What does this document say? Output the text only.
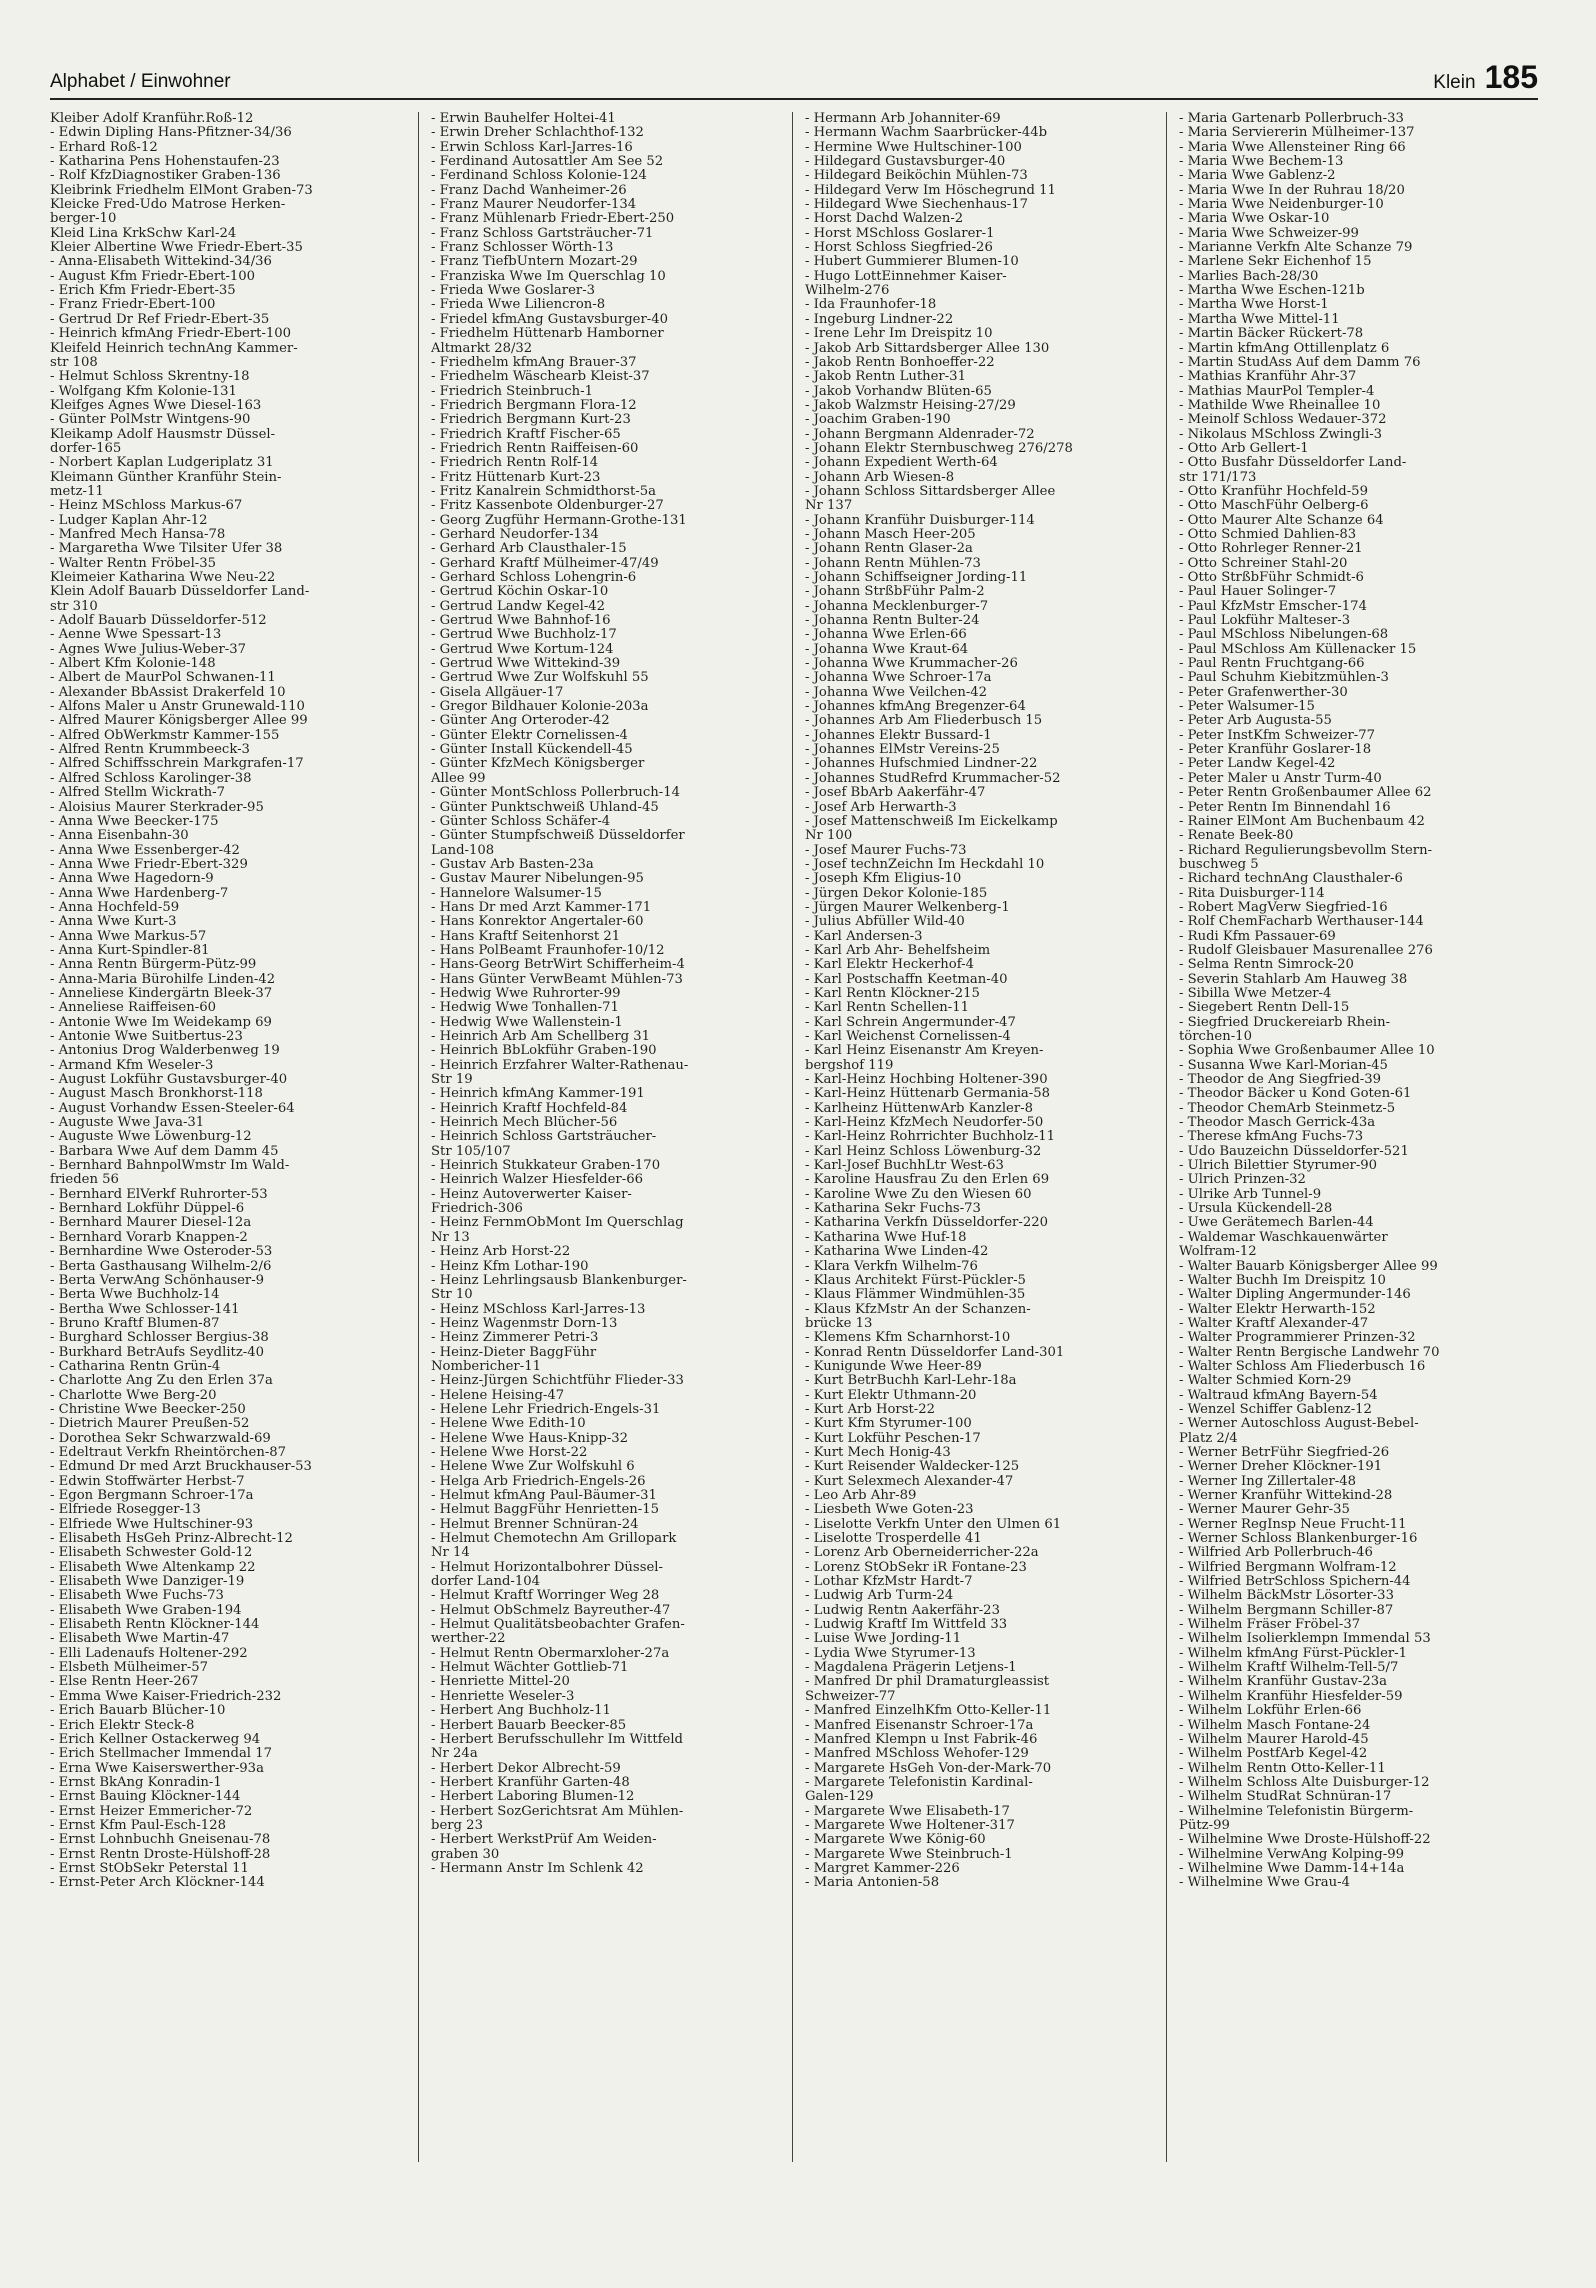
Alphabet / Einwohner	Klein 185
Kleiber Adolf Kranführ.Roß-12
- Edwin Dipling Hans-Pfitzner-34/36
- Erhard Roß-12
- Katharina Pens Hohenstaufen-23
- Rolf KfzDiagnostiker Graben-136
Kleibrink Friedhelm ElMont Graben-73
Kleicke Fred-Udo Matrose Herken-
berger-10
Kleid Lina KrkSchw Karl-24
Kleier Albertine Wwe Friedr-Ebert-35
- Anna-Elisabeth Wittekind-34/36
- August Kfm Friedr-Ebert-100
- Erich Kfm Friedr-Ebert-35
- Franz Friedr-Ebert-100
- Gertrud Dr Ref Friedr-Ebert-35
- Heinrich kfmAng Friedr-Ebert-100
Kleifeld Heinrich technAng Kammer-
str 108
- Helmut Schloss Skrentny-18
- Wolfgang Kfm Kolonie-131
Kleifges Agnes Wwe Diesel-163
- Günter PolMstr Wintgens-90
Kleikamp Adolf Hausmstr Düssel-
dorfer-165
- Norbert Kaplan Ludgeriplatz 31
Kleimann Günther Kranführ Stein-
metz-11
- Heinz MSchloss Markus-67
- Ludger Kaplan Ahr-12
- Manfred Mech Hansa-78
- Margaretha Wwe Tilsiter Ufer 38
- Walter Rentn Fröbel-35
Kleimeier Katharina Wwe Neu-22
Klein Adolf Bauarb Düsseldorfer Land-
str 310
- Adolf Bauarb Düsseldorfer-512
- Aenne Wwe Spessart-13
- Agnes Wwe Julius-Weber-37
- Albert Kfm Kolonie-148
- Albert de MaurPol Schwanen-11
- Alexander BbAssist Drakerfeld 10
- Alfons Maler u Anstr Grunewald-110
- Alfred Maurer Königsberger Allee 99
- Alfred ObWerkmstr Kammer-155
- Alfred Rentn Krummbeeck-3
- Alfred Schiffsschrein Markgrafen-17
- Alfred Schloss Karolinger-38
- Alfred Stellm Wickrath-7
- Aloisius Maurer Sterkrader-95
- Anna Wwe Beecker-175
- Anna Eisenbahn-30
- Anna Wwe Essenberger-42
- Anna Wwe Friedr-Ebert-329
- Anna Wwe Hagedorn-9
- Anna Wwe Hardenberg-7
- Anna Hochfeld-59
- Anna Wwe Kurt-3
- Anna Wwe Markus-57
- Anna Kurt-Spindler-81
- Anna Rentn Bürgerm-Pütz-99
- Anna-Maria Bürohilfe Linden-42
- Anneliese Kindergärtn Bleek-37
- Anneliese Raiffeisen-60
- Antonie Wwe Im Weidekamp 69
- Antonie Wwe Suitbertus-23
- Antonius Drog Walderbenweg 19
- Armand Kfm Weseler-3
- August Lokführ Gustavsburger-40
- August Masch Bronkhorst-118
- August Vorhandw Essen-Steeler-64
- Auguste Wwe Java-31
- Auguste Wwe Löwenburg-12
- Barbara Wwe Auf dem Damm 45
- Bernhard BahnpolWmstr Im Wald-
frieden 56
- Bernhard ElVerkf Ruhrorter-53
- Bernhard Lokführ Düppel-6
- Bernhard Maurer Diesel-12a
- Bernhard Vorarb Knappen-2
- Bernhardine Wwe Osteroder-53
- Berta Gasthausang Wilhelm-2/6
- Berta VerwAng Schönhauser-9
- Berta Wwe Buchholz-14
- Bertha Wwe Schlosser-141
- Bruno Kraftf Blumen-87
- Burghard Schlosser Bergius-38
- Burkhard BetrAufs Seydlitz-40
- Catharina Rentn Grün-4
- Charlotte Ang Zu den Erlen 37a
- Charlotte Wwe Berg-20
- Christine Wwe Beecker-250
- Dietrich Maurer Preußen-52
- Dorothea Sekr Schwarzwald-69
- Edeltraut Verkfn Rheintörchen-87
- Edmund Dr med Arzt Bruckhauser-53
- Edwin Stoffwärter Herbst-7
- Egon Bergmann Schroer-17a
- Elfriede Rosegger-13
- Elfriede Wwe Hultschiner-93
- Elisabeth HsGeh Prinz-Albrecht-12
- Elisabeth Schwester Gold-12
- Elisabeth Wwe Altenkamp 22
- Elisabeth Wwe Danziger-19
- Elisabeth Wwe Fuchs-73
- Elisabeth Wwe Graben-194
- Elisabeth Rentn Klöckner-144
- Elisabeth Wwe Martin-47
- Elli Ladenaufs Holtener-292
- Elsbeth Mülheimer-57
- Else Rentn Heer-267
- Emma Wwe Kaiser-Friedrich-232
- Erich Bauarb Blücher-10
- Erich Elektr Steck-8
- Erich Kellner Ostackerweg 94
- Erich Stellmacher Immendal 17
- Erna Wwe Kaiserswerther-93a
- Ernst BkAng Konradin-1
- Ernst Bauing Klöckner-144
- Ernst Heizer Emmericher-72
- Ernst Kfm Paul-Esch-128
- Ernst Lohnbuchh Gneisenau-78
- Ernst Rentn Droste-Hülshoff-28
- Ernst StObSekr Peterstal 11
- Ernst-Peter Arch Klöckner-144
- Erwin Bauhelfer Holtei-41
- Erwin Dreher Schlachthof-132
- Erwin Schloss Karl-Jarres-16
- Ferdinand Autosattler Am See 52
- Ferdinand Schloss Kolonie-124
- Franz Dachd Wanheimer-26
- Franz Maurer Neudorfer-134
- Franz Mühlenarb Friedr-Ebert-250
- Franz Schloss Gartsträucher-71
- Franz Schlosser Wörth-13
- Franz TiefbUntern Mozart-29
- Franziska Wwe Im Querschlag 10
- Frieda Wwe Goslarer-3
- Frieda Wwe Liliencron-8
- Friedel kfmAng Gustavsburger-40
- Friedhelm Hüttenarb Hamborner
Altmarkt 28/32
- Friedhelm kfmAng Brauer-37
- Friedhelm Wäschearb Kleist-37
- Friedrich Steinbruch-1
- Friedrich Bergmann Flora-12
- Friedrich Bergmann Kurt-23
- Friedrich Kraftf Fischer-65
- Friedrich Rentn Raiffeisen-60
- Friedrich Rentn Rolf-14
- Fritz Hüttenarb Kurt-23
- Fritz Kanalrein Schmidthorst-5a
- Fritz Kassenbote Oldenburger-27
- Georg Zugführ Hermann-Grothe-131
- Gerhard Neudorfer-134
- Gerhard Arb Clausthaler-15
- Gerhard Kraftf Mülheimer-47/49
- Gerhard Schloss Lohengrin-6
- Gertrud Köchin Oskar-10
- Gertrud Landw Kegel-42
- Gertrud Wwe Bahnhof-16
- Gertrud Wwe Buchholz-17
- Gertrud Wwe Kortum-124
- Gertrud Wwe Wittekind-39
- Gertrud Wwe Zur Wolfskuhl 55
- Gisela Allgäuer-17
- Gregor Bildhauer Kolonie-203a
- Günter Ang Orteroder-42
- Günter Elektr Cornelissen-4
- Günter Install Kückendell-45
- Günter KfzMech Königsberger
Allee 99
- Günter MontSchloss Pollerbruch-14
- Günter Punktschweiß Uhland-45
- Günter Schloss Schäfer-4
- Günter Stumpfschweiß Düsseldorfer
Land-108
- Gustav Arb Basten-23a
- Gustav Maurer Nibelungen-95
- Hannelore Walsumer-15
- Hans Dr med Arzt Kammer-171
- Hans Konrektor Angertaler-60
- Hans Kraftf Seitenhorst 21
- Hans PolBeamt Fraunhofer-10/12
- Hans-Georg BetrWirt Schifferheim-4
- Hans Günter VerwBeamt Mühlen-73
- Hedwig Wwe Ruhrorter-99
- Hedwig Wwe Tonhallen-71
- Hedwig Wwe Wallenstein-1
- Heinrich Arb Am Schellberg 31
- Heinrich BbLokführ Graben-190
- Heinrich Erzfahrer Walter-Rathenau-
Str 19
- Heinrich kfmAng Kammer-191
- Heinrich Kraftf Hochfeld-84
- Heinrich Mech Blücher-56
- Heinrich Schloss Gartsträucher-
Str 105/107
- Heinrich Stukkateur Graben-170
- Heinrich Walzer Hiesfelder-66
- Heinz Autoverwerter Kaiser-
Friedrich-306
- Heinz FernmObMont Im Querschlag
Nr 13
- Heinz Arb Horst-22
- Heinz Kfm Lothar-190
- Heinz Lehrlingsausb Blankenburger-
Str 10
- Heinz MSchloss Karl-Jarres-13
- Heinz Wagenmstr Dorn-13
- Heinz Zimmerer Petri-3
- Heinz-Dieter BaggFühr
Nombericher-11
- Heinz-Jürgen Schichtführ Flieder-33
- Helene Heising-47
- Helene Lehr Friedrich-Engels-31
- Helene Wwe Edith-10
- Helene Wwe Haus-Knipp-32
- Helene Wwe Horst-22
- Helene Wwe Zur Wolfskuhl 6
- Helga Arb Friedrich-Engels-26
- Helmut kfmAng Paul-Bäumer-31
- Helmut BaggFühr Henrietten-15
- Helmut Brenner Schnüran-24
- Helmut Chemotechn Am Grillopark
Nr 14
- Helmut Horizontalbohrer Düssel-
dorfer Land-104
- Helmut Kraftf Worringer Weg 28
- Helmut ObSchmelz Bayreuther-47
- Helmut Qualitätsbeobachter Grafen-
werther-22
- Helmut Rentn Obermarxloher-27a
- Helmut Wächter Gottlieb-71
- Henriette Mittel-20
- Henriette Weseler-3
- Herbert Ang Buchholz-11
- Herbert Bauarb Beecker-85
- Herbert Berufsschullehr Im Wittfeld
Nr 24a
- Herbert Dekor Albrecht-59
- Herbert Kranführ Garten-48
- Herbert Laboring Blumen-12
- Herbert SozGerichtsrat Am Mühlen-
berg 23
- Herbert WerkstPrüf Am Weiden-
graben 30
- Hermann Anstr Im Schlenk 42
- Hermann Arb Johanniter-69
- Hermann Wachm Saarbrücker-44b
- Hermine Wwe Hultschiner-100
- Hildegard Gustavsburger-40
- Hildegard Beiköchin Mühlen-73
- Hildegard Verw Im Höschegrund 11
- Hildegard Wwe Siechenhaus-17
- Horst Dachd Walzen-2
- Horst MSchloss Goslarer-1
- Horst Schloss Siegfried-26
- Hubert Gummierer Blumen-10
- Hugo LottEinnehmer Kaiser-
Wilhelm-276
- Ida Fraunhofer-18
- Ingeburg Lindner-22
- Irene Lehr Im Dreispitz 10
- Jakob Arb Sittardsberger Allee 130
- Jakob Rentn Bonhoeffer-22
- Jakob Rentn Luther-31
- Jakob Vorhandw Blüten-65
- Jakob Walzmstr Heising-27/29
- Joachim Graben-190
- Johann Bergmann Aldenrader-72
- Johann Elektr Sternbuschweg 276/278
- Johann Expedient Werth-64
- Johann Arb Wiesen-8
- Johann Schloss Sittardsberger Allee
Nr 137
- Johann Kranführ Duisburger-114
- Johann Masch Heer-205
- Johann Rentn Glaser-2a
- Johann Rentn Mühlen-73
- Johann Schiffseigner Jording-11
- Johann StrßbFühr Palm-2
- Johanna Mecklenburger-7
- Johanna Rentn Bulter-24
- Johanna Wwe Erlen-66
- Johanna Wwe Kraut-64
- Johanna Wwe Krummacher-26
- Johanna Wwe Schroer-17a
- Johanna Wwe Veilchen-42
- Johannes kfmAng Bregenzer-64
- Johannes Arb Am Fliederbusch 15
- Johannes Elektr Bussard-1
- Johannes ElMstr Vereins-25
- Johannes Hufschmied Lindner-22
- Johannes StudRefrd Krummacher-52
- Josef BbArb Aakerfähr-47
- Josef Arb Herwarth-3
- Josef Mattenschweiß Im Eickelkamp
Nr 100
- Josef Maurer Fuchs-73
- Josef technZeichn Im Heckdahl 10
- Joseph Kfm Eligius-10
- Jürgen Dekor Kolonie-185
- Jürgen Maurer Welkenberg-1
- Julius Abfüller Wild-40
- Karl Andersen-3
- Karl Arb Ahr- Behelfsheim
- Karl Elektr Heckerhof-4
- Karl Postschaffn Keetman-40
- Karl Rentn Klöckner-215
- Karl Rentn Schellen-11
- Karl Schrein Angermunder-47
- Karl Weichenst Cornelissen-4
- Karl Heinz Eisenanstr Am Kreyen-
bergshof 119
- Karl-Heinz Hochbing Holtener-390
- Karl-Heinz Hüttenarb Germania-58
- Karlheinz HüttenwArb Kanzler-8
- Karl-Heinz KfzMech Neudorfer-50
- Karl-Heinz Rohrrichter Buchholz-11
- Karl Heinz Schloss Löwenburg-32
- Karl-Josef BuchhLtr West-63
- Karoline Hausfrau Zu den Erlen 69
- Karoline Wwe Zu den Wiesen 60
- Katharina Sekr Fuchs-73
- Katharina Verkfn Düsseldorfer-220
- Katharina Wwe Huf-18
- Katharina Wwe Linden-42
- Klara Verkfn Wilhelm-76
- Klaus Architekt Fürst-Pückler-5
- Klaus Flämmer Windmühlen-35
- Klaus KfzMstr An der Schanzen-
brücke 13
- Klemens Kfm Scharnhorst-10
- Konrad Rentn Düsseldorfer Land-301
- Kunigunde Wwe Heer-89
- Kurt BetrBuchh Karl-Lehr-18a
- Kurt Elektr Uthmann-20
- Kurt Arb Horst-22
- Kurt Kfm Styrumer-100
- Kurt Lokführ Peschen-17
- Kurt Mech Honig-43
- Kurt Reisender Waldecker-125
- Kurt Selexmech Alexander-47
- Leo Arb Ahr-89
- Liesbeth Wwe Goten-23
- Liselotte Verkfn Unter den Ulmen 61
- Liselotte Trosperdelle 41
- Lorenz Arb Oberneiderricher-22a
- Lorenz StObSekr iR Fontane-23
- Lothar KfzMstr Hardt-7
- Ludwig Arb Turm-24
- Ludwig Rentn Aakerfähr-23
- Ludwig Kraftf Im Wittfeld 33
- Luise Wwe Jording-11
- Lydia Wwe Styrumer-13
- Magdalena Prägerin Letjens-1
- Manfred Dr phil Dramaturgleassist
Schweizer-77
- Manfred EinzelhKfm Otto-Keller-11
- Manfred Eisenanstr Schroer-17a
- Manfred Klempn u Inst Fabrik-46
- Manfred MSchloss Wehofer-129
- Margarete HsGeh Von-der-Mark-70
- Margarete Telefonistin Kardinal-
Galen-129
- Margarete Wwe Elisabeth-17
- Margarete Wwe Holtener-317
- Margarete Wwe König-60
- Margarete Wwe Steinbruch-1
- Margret Kammer-226
- Maria Antonien-58
- Maria Gartenarb Pollerbruch-33
- Maria Serviererin Mülheimer-137
- Maria Wwe Allensteiner Ring 66
- Maria Wwe Bechem-13
- Maria Wwe Gablenz-2
- Maria Wwe In der Ruhrau 18/20
- Maria Wwe Neidenburger-10
- Maria Wwe Oskar-10
- Maria Wwe Schweizer-99
- Marianne Verkfn Alte Schanze 79
- Marlene Sekr Eichenhof 15
- Marlies Bach-28/30
- Martha Wwe Eschen-121b
- Martha Wwe Horst-1
- Martha Wwe Mittel-11
- Martin Bäcker Rückert-78
- Martin kfmAng Ottillenplatz 6
- Martin StudAss Auf dem Damm 76
- Mathias Kranführ Ahr-37
- Mathias MaurPol Templer-4
- Mathilde Wwe Rheinallee 10
- Meinolf Schloss Wedauer-372
- Nikolaus MSchloss Zwingli-3
- Otto Arb Gellert-1
- Otto Busfahr Düsseldorfer Land-
str 171/173
- Otto Kranführ Hochfeld-59
- Otto MaschFühr Oelberg-6
- Otto Maurer Alte Schanze 64
- Otto Schmied Dahlien-83
- Otto Rohrleger Renner-21
- Otto Schreiner Stahl-20
- Otto StrßbFühr Schmidt-6
- Paul Hauer Solinger-7
- Paul KfzMstr Emscher-174
- Paul Lokführ Malteser-3
- Paul MSchloss Nibelungen-68
- Paul MSchloss Am Küllenacker 15
- Paul Rentn Fruchtgang-66
- Paul Schuhm Kiebitzmühlen-3
- Peter Grafenwerther-30
- Peter Walsumer-15
- Peter Arb Augusta-55
- Peter InstKfm Schweizer-77
- Peter Kranführ Goslarer-18
- Peter Landw Kegel-42
- Peter Maler u Anstr Turm-40
- Peter Rentn Großenbaumer Allee 62
- Peter Rentn Im Binnendahl 16
- Rainer ElMont Am Buchenbaum 42
- Renate Beek-80
- Richard Regulierungsbevollm Stern-
buschweg 5
- Richard technAng Clausthaler-6
- Rita Duisburger-114
- Robert MagVerw Siegfried-16
- Rolf ChemFacharb Werthauser-144
- Rudi Kfm Passauer-69
- Rudolf Gleisbauer Masurenallee 276
- Selma Rentn Simrock-20
- Severin Stahlarb Am Hauweg 38
- Sibilla Wwe Metzer-4
- Siegebert Rentn Dell-15
- Siegfried Druckereiarb Rhein-
törchen-10
- Sophia Wwe Großenbaumer Allee 10
- Susanna Wwe Karl-Morian-45
- Theodor de Ang Siegfried-39
- Theodor Bäcker u Kond Goten-61
- Theodor ChemArb Steinmetz-5
- Theodor Masch Gerrick-43a
- Therese kfmAng Fuchs-73
- Udo Bauzeichn Düsseldorfer-521
- Ulrich Bilettier Styrumer-90
- Ulrich Prinzen-32
- Ulrike Arb Tunnel-9
- Ursula Kückendell-28
- Uwe Gerätemech Barlen-44
- Waldemar Waschkauenwärter
Wolfram-12
- Walter Bauarb Königsberger Allee 99
- Walter Buchh Im Dreispitz 10
- Walter Dipling Angermunder-146
- Walter Elektr Herwarth-152
- Walter Kraftf Alexander-47
- Walter Programmierer Prinzen-32
- Walter Rentn Bergische Landwehr 70
- Walter Schloss Am Fliederbusch 16
- Walter Schmied Korn-29
- Waltraud kfmAng Bayern-54
- Wenzel Schiffer Gablenz-12
- Werner Autoschloss August-Bebel-
Platz 2/4
- Werner BetrFühr Siegfried-26
- Werner Dreher Klöckner-191
- Werner Ing Zillertaler-48
- Werner Kranführ Wittekind-28
- Werner Maurer Gehr-35
- Werner RegInsp Neue Frucht-11
- Werner Schloss Blankenburger-16
- Wilfried Arb Pollerbruch-46
- Wilfried Bergmann Wolfram-12
- Wilfried BetrSchloss Spichern-44
- Wilhelm BäckMstr Lösorter-33
- Wilhelm Bergmann Schiller-87
- Wilhelm Fräser Fröbel-37
- Wilhelm Isolierklempn Immendal 53
- Wilhelm kfmAng Fürst-Pückler-1
- Wilhelm Kraftf Wilhelm-Tell-5/7
- Wilhelm Kranführ Gustav-23a
- Wilhelm Kranführ Hiesfelder-59
- Wilhelm Lokführ Erlen-66
- Wilhelm Masch Fontane-24
- Wilhelm Maurer Harold-45
- Wilhelm PostfArb Kegel-42
- Wilhelm Rentn Otto-Keller-11
- Wilhelm Schloss Alte Duisburger-12
- Wilhelm StudRat Schnüran-17
- Wilhelmine Telefonistin Bürgerm-
Pütz-99
- Wilhelmine Wwe Droste-Hülshoff-22
- Wilhelmine VerwAng Kolping-99
- Wilhelmine Wwe Damm-14+14a
- Wilhelmine Wwe Grau-4
